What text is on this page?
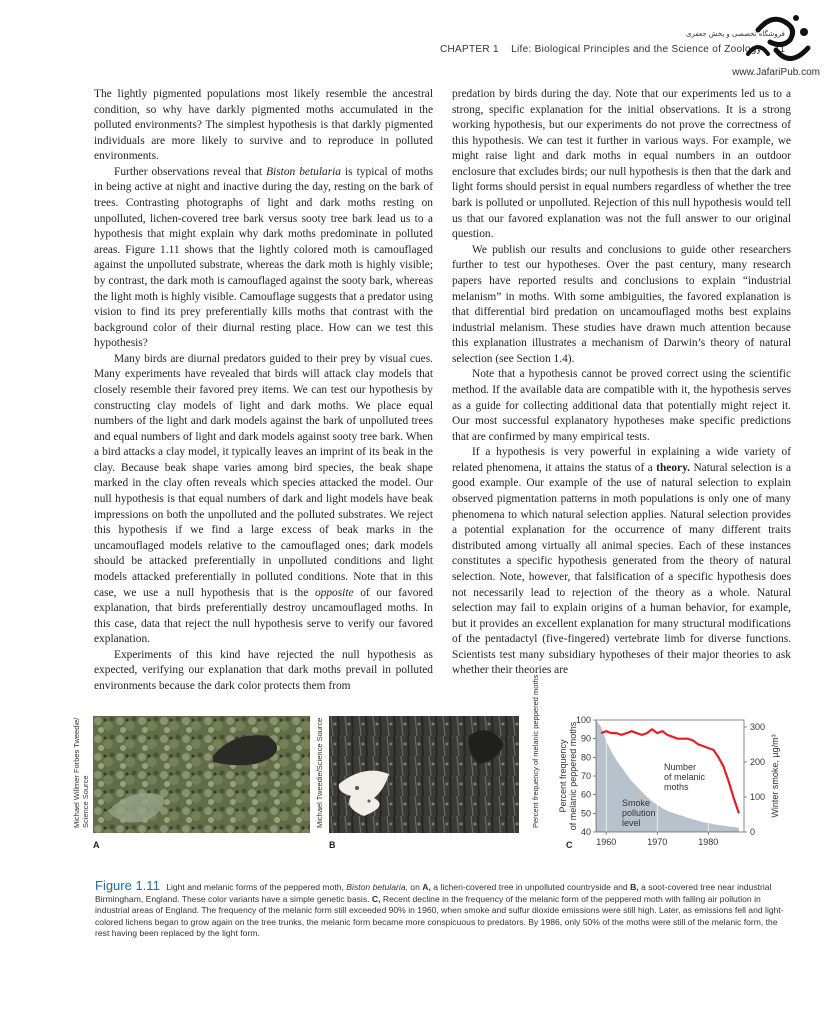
CHAPTER 1 Life: Biological Principles and the Science of Zoology 11
فروشگاه تخصصی و پخش جعفری
www.JafariPub.com

The lightly pigmented populations most likely resemble the ancestral condition, so why have darkly pigmented moths accumulated in the polluted environments? The simplest hypothesis is that darkly pigmented individuals are more likely to survive and to reproduce in polluted environments.

Further observations reveal that Biston betularia is typical of moths in being active at night and inactive during the day, resting on the bark of trees. Contrasting photographs of light and dark moths resting on unpolluted, lichen-covered tree bark versus sooty tree bark lead us to a hypothesis that might explain why dark moths predominate in polluted areas. Figure 1.11 shows that the lightly colored moth is camouflaged against the unpolluted substrate, whereas the dark moth is highly visible; by contrast, the dark moth is camouflaged against the sooty bark, whereas the light moth is highly visible. Camouflage suggests that a predator using vision to find its prey preferentially kills moths that contrast with the background color of their diurnal resting place. How can we test this hypothesis?

Many birds are diurnal predators guided to their prey by visual cues. Many experiments have revealed that birds will attack clay models that closely resemble their favored prey items. We can test our hypothesis by constructing clay models of light and dark moths. We place equal numbers of the light and dark models against the bark of unpolluted trees and equal numbers of light and dark models against sooty tree bark. When a bird attacks a clay model, it typically leaves an imprint of its beak in the clay. Because beak shape varies among bird species, the beak shape marked in the clay often reveals which species attacked the model. Our null hypothesis is that equal numbers of dark and light models have beak impressions on both the unpolluted and the polluted substrates. We reject this hypothesis if we find a large excess of beak marks in the uncamouflaged models relative to the camouflaged ones; dark models should be attacked preferentially in unpolluted conditions and light models attacked preferentially in polluted conditions. Note that in this case, we use a null hypothesis that is the opposite of our favored explanation, that birds preferentially destroy uncamouflaged moths. In this case, data that reject the null hypothesis serve to verify our favored explanation.

Experiments of this kind have rejected the null hypothesis as expected, verifying our explanation that dark moths prevail in polluted environments because the dark color protects them from

predation by birds during the day. Note that our experiments led us to a strong, specific explanation for the initial observations. It is a strong working hypothesis, but our experiments do not prove the correctness of this hypothesis. We can test it further in various ways. For example, we might raise light and dark moths in equal numbers in an outdoor enclosure that excludes birds; our null hypothesis is then that the dark and light forms should persist in equal numbers regardless of whether the tree bark is polluted or unpolluted. Rejection of this null hypothesis would tell us that our favored explanation was not the full answer to our original question.

We publish our results and conclusions to guide other researchers further to test our hypotheses. Over the past century, many research papers have reported results and conclusions to explain “industrial melanism” in moths. With some ambiguities, the favored explanation is that differential bird predation on uncamouflaged moths best explains industrial melanism. These studies have drawn much attention because this explanation illustrates a mechanism of Darwin’s theory of natural selection (see Section 1.4).

Note that a hypothesis cannot be proved correct using the scientific method. If the available data are compatible with it, the hypothesis serves as a guide for collecting additional data that potentially might reject it. Our most successful explanatory hypotheses make specific predictions that are confirmed by many empirical tests.

If a hypothesis is very powerful in explaining a wide variety of related phenomena, it attains the status of a theory. Natural selection is a good example. Our example of the use of natural selection to explain observed pigmentation patterns in moth populations is only one of many phenomena to which natural selection applies. Natural selection provides a potential explanation for the occurrence of many different traits distributed among virtually all animal species. Each of these instances constitutes a specific hypothesis generated from the theory of natural selection. Note, however, that falsification of a specific hypothesis does not necessarily lead to rejection of the theory as a whole. Natural selection may fail to explain origins of a human behavior, for example, but it provides an excellent explanation for many structural modifications of the pentadactyl (five-fingered) vertebrate limb for diverse functions. Scientists test many subsidiary hypotheses of their major theories to ask whether their theories are

Michael Willmer Forbes Tweedie/ Science Source
A
Michael Tweedie/Science Source
B
Percent frequency of melanic peppered moths
40
50
60
70
80
90
100
0
100
200
300
1960	1970	1980
Winter smoke, µg/m³
Percent frequency of melanic peppered moths	Number
of melanic
moths
Smoke
pollution
level
C
Figure 1.11 Light and melanic forms of the peppered moth, Biston betularia, on A, a lichen-covered tree in unpolluted countryside and B, a soot-covered tree near industrial Birmingham, England. These color variants have a simple genetic basis. C, Recent decline in the frequency of the melanic form of the peppered moth with falling air pollution in industrial areas of England. The frequency of the melanic form still exceeded 90% in 1960, when smoke and sulfur dioxide emissions were still high. Later, as emissions fell and light-colored lichens began to grow again on the tree trunks, the melanic form became more conspicuous to predators. By 1986, only 50% of the moths were still of the melanic form, the rest having been replaced by the light form.
